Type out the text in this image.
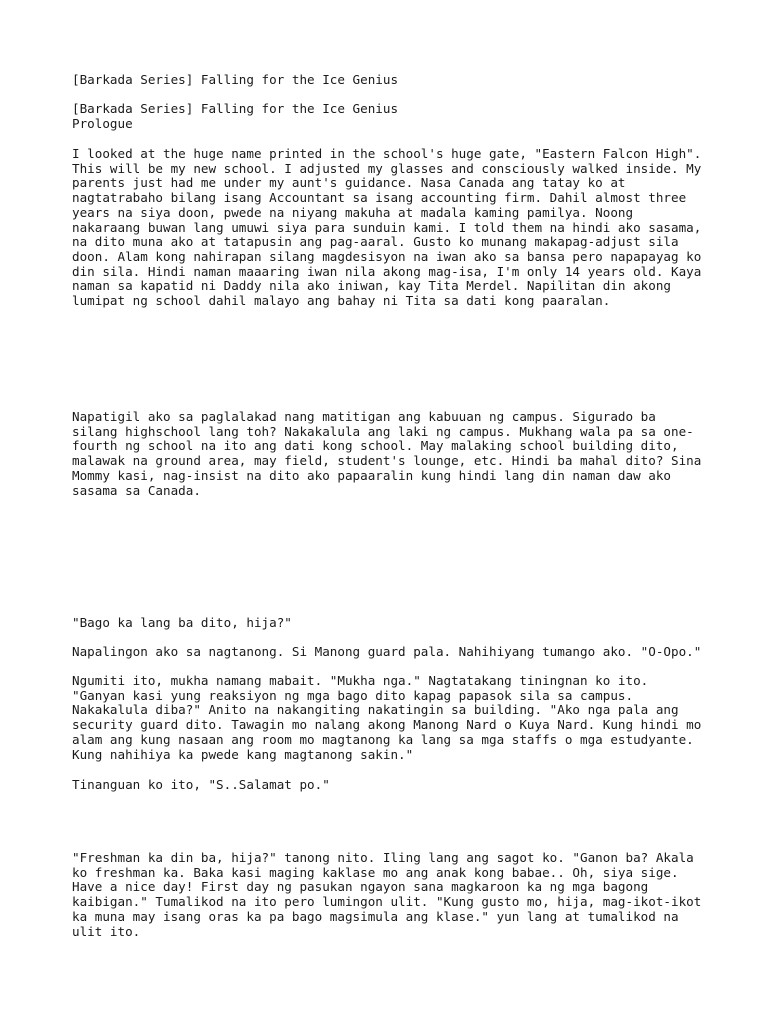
[Barkada Series] Falling for the Ice Genius

[Barkada Series] Falling for the Ice Genius

Prologue

I looked at the huge name printed in the school's huge gate, "Eastern Falcon High".
This will be my new school. I adjusted my glasses and consciously walked inside. My
parents just had me under my aunt's guidance. Nasa Canada ang tatay ko at
nagtatrabaho bilang isang Accountant sa isang accounting firm. Dahil almost three
years na siya doon, pwede na niyang makuha at madala kaming pamilya. Noong
nakaraang buwan lang umuwi siya para sunduin kami. I told them na hindi ako sasama,
na dito muna ako at tatapusin ang pag-aaral. Gusto ko munang makapag-adjust sila
doon. Alam kong nahirapan silang magdesisyon na iwan ako sa bansa pero napapayag ko
din sila. Hindi naman maaaring iwan nila akong mag-isa, I'm only 14 years old. Kaya
naman sa kapatid ni Daddy nila ako iniwan, kay Tita Merdel. Napilitan din akong
lumipat ng school dahil malayo ang bahay ni Tita sa dati kong paaralan.

Napatigil ako sa paglalakad nang matitigan ang kabuuan ng campus. Sigurado ba
silang highschool lang toh? Nakakalula ang laki ng campus. Mukhang wala pa sa one-
fourth ng school na ito ang dati kong school. May malaking school building dito,
malawak na ground area, may field, student's lounge, etc. Hindi ba mahal dito? Sina
Mommy kasi, nag-insist na dito ako papaaralin kung hindi lang din naman daw ako
sasama sa Canada.

"Bago ka lang ba dito, hija?"

Napalingon ako sa nagtanong. Si Manong guard pala. Nahihiyang tumango ako. "O-Opo."

Ngumiti ito, mukha namang mabait. "Mukha nga." Nagtatakang tiningnan ko ito.
"Ganyan kasi yung reaksiyon ng mga bago dito kapag papasok sila sa campus.
Nakakalula diba?" Anito na nakangiting nakatingin sa building. "Ako nga pala ang
security guard dito. Tawagin mo nalang akong Manong Nard o Kuya Nard. Kung hindi mo
alam ang kung nasaan ang room mo magtanong ka lang sa mga staffs o mga estudyante.
Kung nahihiya ka pwede kang magtanong sakin."

Tinanguan ko ito, "S..Salamat po."

"Freshman ka din ba, hija?" tanong nito. Iling lang ang sagot ko. "Ganon ba? Akala
ko freshman ka. Baka kasi maging kaklase mo ang anak kong babae.. Oh, siya sige.
Have a nice day! First day ng pasukan ngayon sana magkaroon ka ng mga bagong
kaibigan." Tumalikod na ito pero lumingon ulit. "Kung gusto mo, hija, mag-ikot-ikot
ka muna may isang oras ka pa bago magsimula ang klase." yun lang at tumalikod na
ulit ito.
